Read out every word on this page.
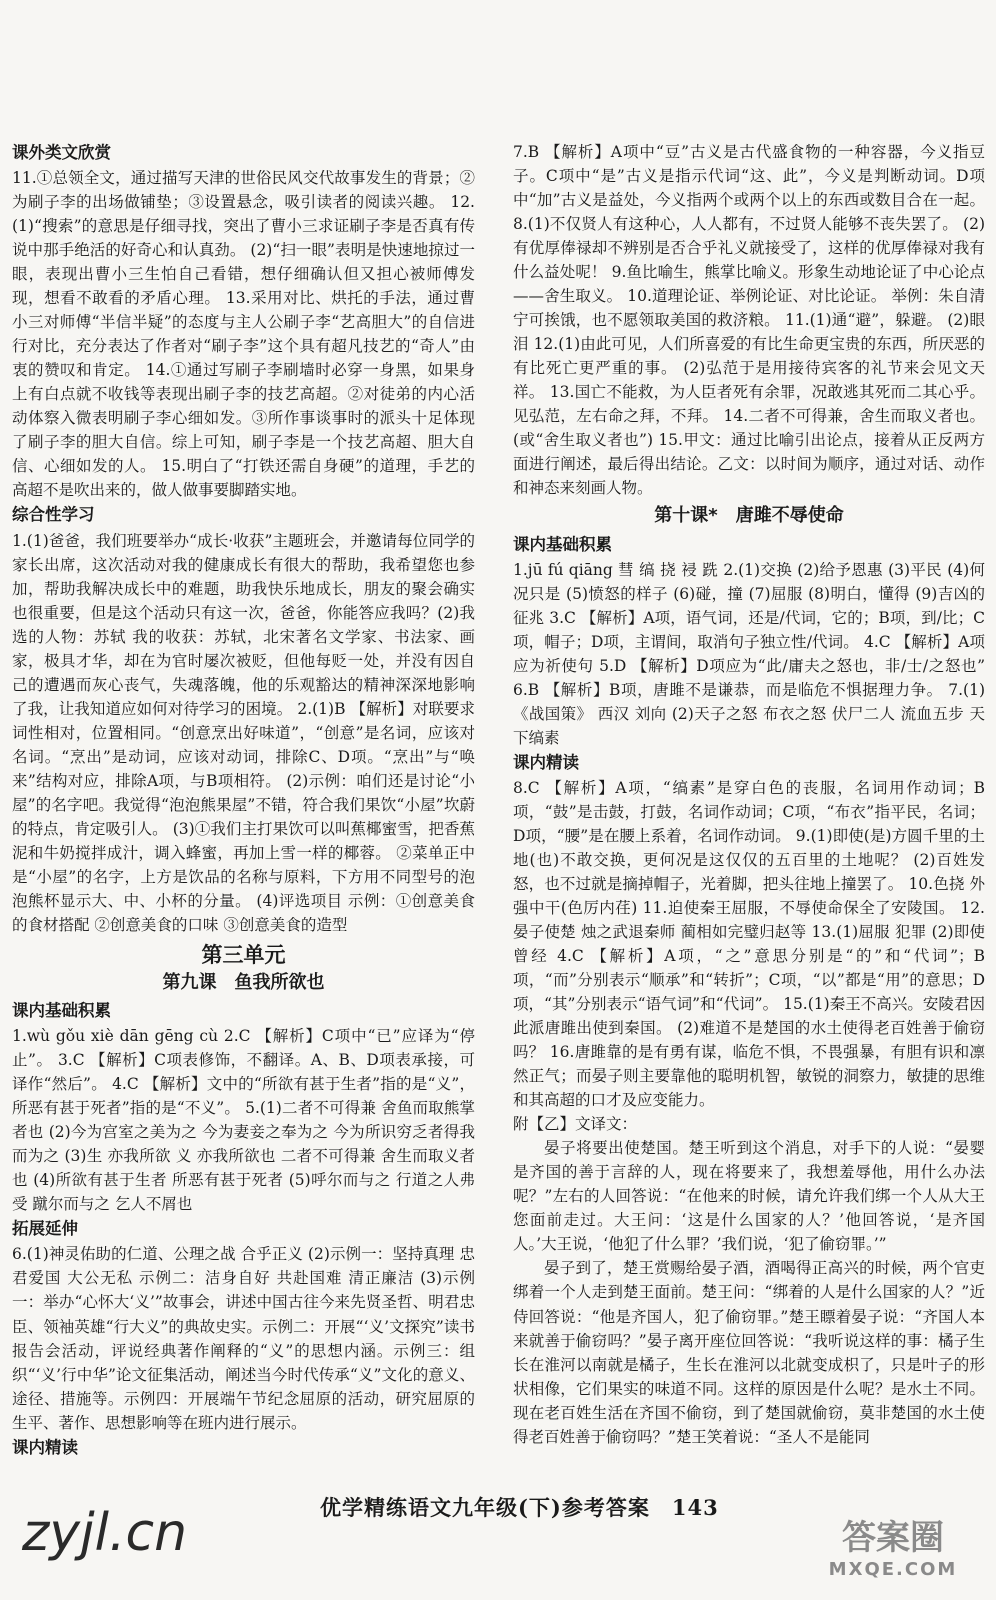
课外类文欣赏

11.①总领全文，通过描写天津的世俗民风交代故事发生的背景；②为刷子李的出场做铺垫；③设置悬念，吸引读者的阅读兴趣。 12.(1)“搜索”的意思是仔细寻找，突出了曹小三求证刷子李是否真有传说中那手绝活的好奇心和认真劲。 (2)“扫一眼”表明是快速地掠过一眼，表现出曹小三生怕自己看错，想仔细确认但又担心被师傅发现，想看不敢看的矛盾心理。 13.采用对比、烘托的手法，通过曹小三对师傅“半信半疑”的态度与主人公刷子李“艺高胆大”的自信进行对比，充分表达了作者对“刷子李”这个具有超凡技艺的“奇人”由衷的赞叹和肯定。 14.①通过写刷子李刷墙时必穿一身黑，如果身上有白点就不收钱等表现出刷子李的技艺高超。②对徒弟的内心活动体察入微表明刷子李心细如发。③所作事谈事时的派头十足体现了刷子李的胆大自信。综上可知，刷子李是一个技艺高超、胆大自信、心细如发的人。 15.明白了“打铁还需自身硬”的道理，手艺的高超不是吹出来的，做人做事要脚踏实地。

综合性学习

1.(1)爸爸，我们班要举办“成长·收获”主题班会，并邀请每位同学的家长出席，这次活动对我的健康成长有很大的帮助，我希望您也参加，帮助我解决成长中的难题，助我快乐地成长，朋友的聚会确实也很重要，但是这个活动只有这一次，爸爸，你能答应我吗？(2)我选的人物：苏轼 我的收获：苏轼，北宋著名文学家、书法家、画家，极具才华，却在为官时屡次被贬，但他每贬一处，并没有因自己的遭遇而灰心丧气，失魂落魄，他的乐观豁达的精神深深地影响了我，让我知道应如何对待学习的困境。 2.(1)B 【解析】对联要求词性相对，位置相同。“创意烹出好味道”，“创意”是名词，应该对名词。“烹出”是动词，应该对动词，排除C、D项。“烹出”与“唤来”结构对应，排除A项，与B项相符。 (2)示例：咱们还是讨论“小屋”的名字吧。我觉得“泡泡熊果屋”不错，符合我们果饮“小屋”坎蔚的特点，肯定吸引人。 (3)①我们主打果饮可以叫蕉椰蜜雪，把香蕉泥和牛奶搅拌成汁，调入蜂蜜，再加上雪一样的椰蓉。 ②菜单正中是“小屋”的名字，上方是饮品的名称与原料，下方用不同型号的泡泡熊杯显示大、中、小杯的分量。 (4)评选项目 示例：①创意美食的食材搭配 ②创意美食的口味 ③创意美食的造型

第三单元
第九课　鱼我所欲也
课内基础积累

1.wù gǒu xiè dān gēng cù 2.C 【解析】C项中“已”应译为“停止”。 3.C 【解析】C项表修饰，不翻译。A、B、D项表承接，可译作“然后”。 4.C 【解析】文中的“所欲有甚于生者”指的是“义”，所恶有甚于死者”指的是“不义”。 5.(1)二者不可得兼 舍鱼而取熊掌者也 (2)今为宫室之美为之 今为妻妾之奉为之 今为所识穷乏者得我而为之 (3)生 亦我所欲 义 亦我所欲也 二者不可得兼 舍生而取义者也 (4)所欲有甚于生者 所恶有甚于死者 (5)呼尔而与之 行道之人弗受 蹴尔而与之 乞人不屑也

拓展延伸

6.(1)神灵佑助的仁道、公理之战 合乎正义 (2)示例一：坚持真理 忠君爱国 大公无私 示例二：洁身自好 共赴国难 清正廉洁 (3)示例一：举办“心怀大‘义’”故事会，讲述中国古往今来先贤圣哲、明君忠臣、领袖英雄“行大义”的典故史实。示例二：开展“‘义’文探究”读书报告会活动，评说经典著作阐释的“义”的思想内涵。示例三：组织“‘义’行中华”论文征集活动，阐述当今时代传承“义”文化的意义、途径、措施等。示例四：开展端午节纪念屈原的活动，研究屈原的生平、著作、思想影响等在班内进行展示。

课内精读

7.B 【解析】A项中“豆”古义是古代盛食物的一种容器，今义指豆子。C项中“是”古义是指示代词“这、此”，今义是判断动词。D项中“加”古义是益处，今义指两个或两个以上的东西或数目合在一起。 8.(1)不仅贤人有这种心，人人都有，不过贤人能够不丧失罢了。 (2)有优厚俸禄却不辨别是否合乎礼义就接受了，这样的优厚俸禄对我有什么益处呢！ 9.鱼比喻生，熊掌比喻义。形象生动地论证了中心论点——舍生取义。 10.道理论证、举例论证、对比论证。 举例：朱自清宁可挨饿，也不愿领取美国的救济粮。 11.(1)通“避”，躲避。 (2)眼泪 12.(1)由此可见，人们所喜爱的有比生命更宝贵的东西，所厌恶的有比死亡更严重的事。 (2)弘范于是用接待宾客的礼节来会见文天祥。 13.国亡不能救，为人臣者死有余罪，况敢逃其死而二其心乎。 见弘范，左右命之拜，不拜。 14.二者不可得兼，舍生而取义者也。(或“舍生取义者也”) 15.甲文：通过比喻引出论点，接着从正反两方面进行阐述，最后得出结论。乙文：以时间为顺序，通过对话、动作和神态来刻画人物。

第十课*　唐雎不辱使命
课内基础积累

1.jū fú qiāng 彗 缟 挠 祲 跣 2.(1)交换 (2)给予恩惠 (3)平民 (4)何况只是 (5)愤怒的样子 (6)碰，撞 (7)屈服 (8)明白，懂得 (9)吉凶的征兆 3.C 【解析】A项，语气词，还是/代词，它的；B项，到/比；C项，帽子；D项，主谓间，取消句子独立性/代词。 4.C 【解析】A项应为祈使句 5.D 【解析】D项应为“此/庸夫之怒也，非/士/之怒也” 6.B 【解析】B项，唐雎不是谦恭，而是临危不惧据理力争。 7.(1)《战国策》 西汉 刘向 (2)天子之怒 布衣之怒 伏尸二人 流血五步 天下缟素

课内精读

8.C 【解析】A项，“缟素”是穿白色的丧服，名词用作动词；B项，“鼓”是击鼓，打鼓，名词作动词；C项，“布衣”指平民，名词；D项，“腰”是在腰上系着，名词作动词。 9.(1)即使(是)方圆千里的土地(也)不敢交换，更何况是这仅仅的五百里的土地呢？ (2)百姓发怒，也不过就是摘掉帽子，光着脚，把头往地上撞罢了。 10.色挠 外强中干(色厉内荏) 11.迫使秦王屈服，不辱使命保全了安陵国。 12.晏子使楚 烛之武退秦师 蔺相如完璧归赵等 13.(1)屈服 犯罪 (2)即使 曾经 4.C 【解析】A项，“之”意思分别是“的”和“代词”；B项，“而”分别表示“顺承”和“转折”；C项，“以”都是“用”的意思；D项，“其”分别表示“语气词”和“代词”。 15.(1)秦王不高兴。安陵君因此派唐雎出使到秦国。 (2)难道不是楚国的水土使得老百姓善于偷窃吗？ 16.唐雎靠的是有勇有谋，临危不惧，不畏强暴，有胆有识和凛然正气；而晏子则主要靠他的聪明机智，敏锐的洞察力，敏捷的思维和其高超的口才及应变能力。

附【乙】文译文：

晏子将要出使楚国。楚王听到这个消息，对手下的人说：“晏婴是齐国的善于言辞的人，现在将要来了，我想羞辱他，用什么办法呢？”左右的人回答说：“在他来的时候，请允许我们绑一个人从大王您面前走过。大王问：‘这是什么国家的人？’他回答说，‘是齐国人。’大王说，‘他犯了什么罪？’我们说，‘犯了偷窃罪。’”

晏子到了，楚王赏赐给晏子酒，酒喝得正高兴的时候，两个官吏绑着一个人走到楚王面前。楚王问：“绑着的人是什么国家的人？”近侍回答说：“他是齐国人，犯了偷窃罪。”楚王瞟着晏子说：“齐国人本来就善于偷窃吗？”晏子离开座位回答说：“我听说这样的事：橘子生长在淮河以南就是橘子，生长在淮河以北就变成枳了，只是叶子的形状相像，它们果实的味道不同。这样的原因是什么呢？是水土不同。现在老百姓生活在齐国不偷窃，到了楚国就偷窃，莫非楚国的水土使得老百姓善于偷窃吗？”楚王笑着说：“圣人不是能同

优学精练语文九年级(下)参考答案　143
zyjl.cn	答案圈
MXQE.COM
